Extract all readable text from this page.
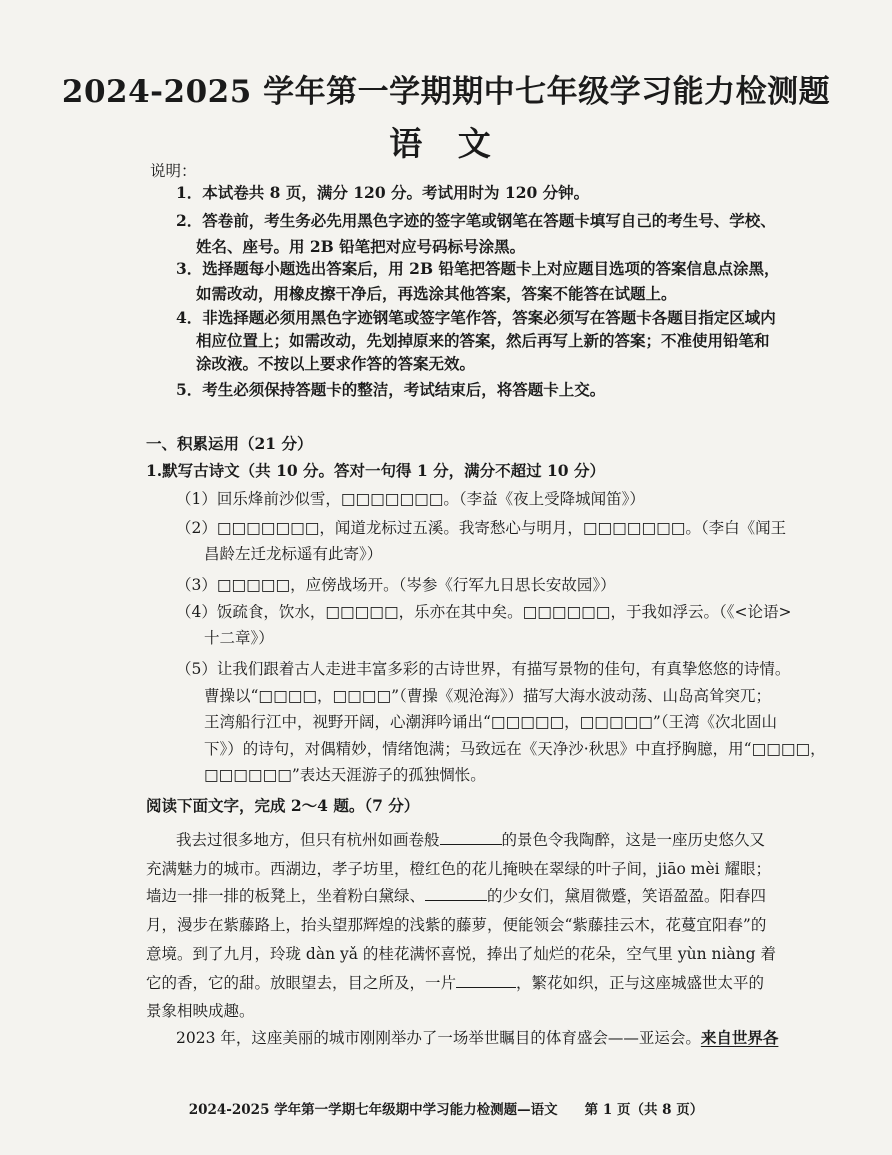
2024-2025 学年第一学期期中七年级学习能力检测题
语 文
说明：
1．本试卷共 8 页，满分 120 分。考试用时为 120 分钟。
2．答卷前，考生务必先用黑色字迹的签字笔或钢笔在答题卡填写自己的考生号、学校、
姓名、座号。用 2B 铅笔把对应号码标号涂黑。
3．选择题每小题选出答案后，用 2B 铅笔把答题卡上对应题目选项的答案信息点涂黑，
如需改动，用橡皮擦干净后，再选涂其他答案，答案不能答在试题上。
4．非选择题必须用黑色字迹钢笔或签字笔作答，答案必须写在答题卡各题目指定区域内
相应位置上；如需改动，先划掉原来的答案，然后再写上新的答案；不准使用铅笔和
涂改液。不按以上要求作答的答案无效。
5．考生必须保持答题卡的整洁，考试结束后，将答题卡上交。
一、积累运用（21 分）
1.默写古诗文（共 10 分。答对一句得 1 分，满分不超过 10 分）
（1）回乐烽前沙似雪，□□□□□□□。（李益《夜上受降城闻笛》）
（2）□□□□□□□，闻道龙标过五溪。我寄愁心与明月，□□□□□□□。（李白《闻王
昌龄左迁龙标遥有此寄》）
（3）□□□□□，应傍战场开。（岑参《行军九日思长安故园》）
（4）饭疏食，饮水，□□□□□，乐亦在其中矣。□□□□□□，于我如浮云。（《<论语>
十二章》）
（5）让我们跟着古人走进丰富多彩的古诗世界，有描写景物的佳句，有真挚悠悠的诗情。
曹操以“□□□□，□□□□”（曹操《观沧海》）描写大海水波动荡、山岛高耸突兀；
王湾船行江中，视野开阔，心潮湃吟诵出“□□□□□，□□□□□”（王湾《次北固山
下》）的诗句，对偶精妙，情绪饱满；马致远在《天净沙·秋思》中直抒胸臆，用“□□□□，
□□□□□□”表达天涯游子的孤独惆怅。
阅读下面文字，完成 2～4 题。（7 分）
我去过很多地方，但只有杭州如画卷般	的景色令我陶醉，这是一座历史悠久又
充满魅力的城市。西湖边，孝子坊里，橙红色的花儿掩映在翠绿的叶子间，jiāo mèi 耀眼；
墙边一排一排的板凳上，坐着粉白黛绿、	的少女们，黛眉微蹙，笑语盈盈。阳春四
月，漫步在紫藤路上，抬头望那辉煌的浅紫的藤萝，便能领会“紫藤挂云木，花蔓宜阳春”的
意境。到了九月，玲珑 dàn yǎ 的桂花满怀喜悦，捧出了灿烂的花朵，空气里 yùn niàng 着
它的香，它的甜。放眼望去，目之所及，一片	，繁花如织，正与这座城盛世太平的
景象相映成趣。
2023 年，这座美丽的城市刚刚举办了一场举世瞩目的体育盛会——亚运会。来自世界各
2024-2025 学年第一学期七年级期中学习能力检测题—语文　　第 1 页（共 8 页）
